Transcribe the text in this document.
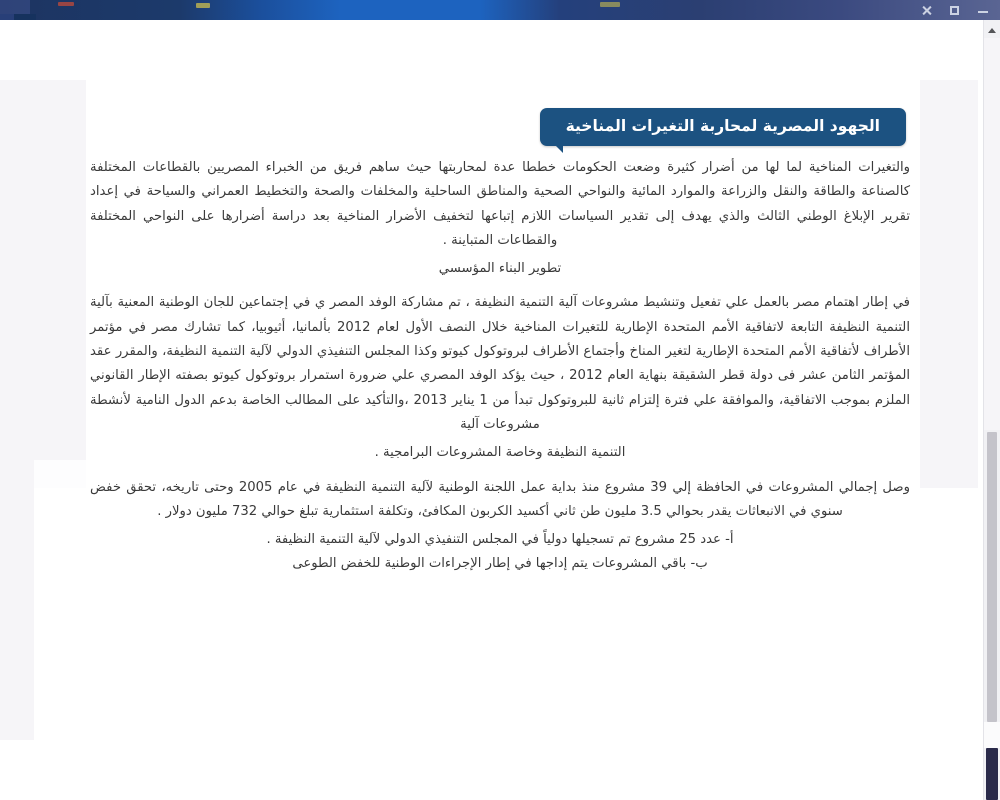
الجهود المصرية لمحاربة التغيرات المناخية

والتغيرات المناخية لما لها من أضرار كثيرة وضعت الحكومات خططا عدة لمحاربتها حيث ساهم فريق من الخبراء المصريين بالقطاعات المختلفة كالصناعة والطاقة والنقل والزراعة والموارد المائية والنواحي الصحية والمناطق الساحلية والمخلفات والصحة والتخطيط العمراني والسياحة في إعداد تقرير الإبلاغ الوطني الثالث والذي يهدف إلى تقدير السياسات اللازم إتباعها لتخفيف الأضرار المناخية بعد دراسة أضرارها على النواحي المختلفة والقطاعات المتباينة .

تطوير البناء المؤسسي

في إطار اهتمام مصر بالعمل علي تفعيل وتنشيط مشروعات آلية التنمية النظيفة ، تم مشاركة الوفد المصر ي في إجتماعين للجان الوطنية المعنية بآلية التنمية النظيفة التابعة لاتفاقية الأمم المتحدة الإطارية للتغيرات المناخية خلال النصف الأول لعام 2012 بألمانيا، أثيوبيا، كما تشارك مصر في مؤتمر الأطراف لأتفاقية الأمم المتحدة الإطارية لتغير المناخ وأجتماع الأطراف لبروتوكول كيوتو وكذا المجلس التنفيذي الدولي لآلية التنمية النظيفة، والمقرر عقد المؤتمر الثامن عشر فى دولة قطر الشقيقة بنهاية العام 2012 ، حيث يؤكد الوفد المصري علي ضرورة استمرار بروتوكول كيوتو بصفته الإطار القانوني الملزم بموجب الاتفاقية، والموافقة علي فترة إلتزام ثانية للبروتوكول تبدأ من 1 يناير 2013 ،والتأكيد على المطالب الخاصة بدعم الدول النامية لأنشطة مشروعات آلية

التنمية النظيفة وخاصة المشروعات البرامجية .

وصل إجمالي المشروعات في الحافظة إلي 39 مشروع منذ بداية عمل اللجنة الوطنية لآلية التنمية النظيفة في عام 2005 وحتى تاريخه، تحقق خفض سنوي في الانبعاثات يقدر بحوالي 3.5 مليون طن ثاني أكسيد الكربون المكافئ، وتكلفة استثمارية تبلغ حوالي 732 مليون دولار .

أ- عدد 25 مشروع تم تسجيلها دولياً في المجلس التنفيذي الدولي لآلية التنمية النظيفة .

ب- باقي المشروعات يتم إداجها في إطار الإجراءات الوطنية للخفض الطوعى
